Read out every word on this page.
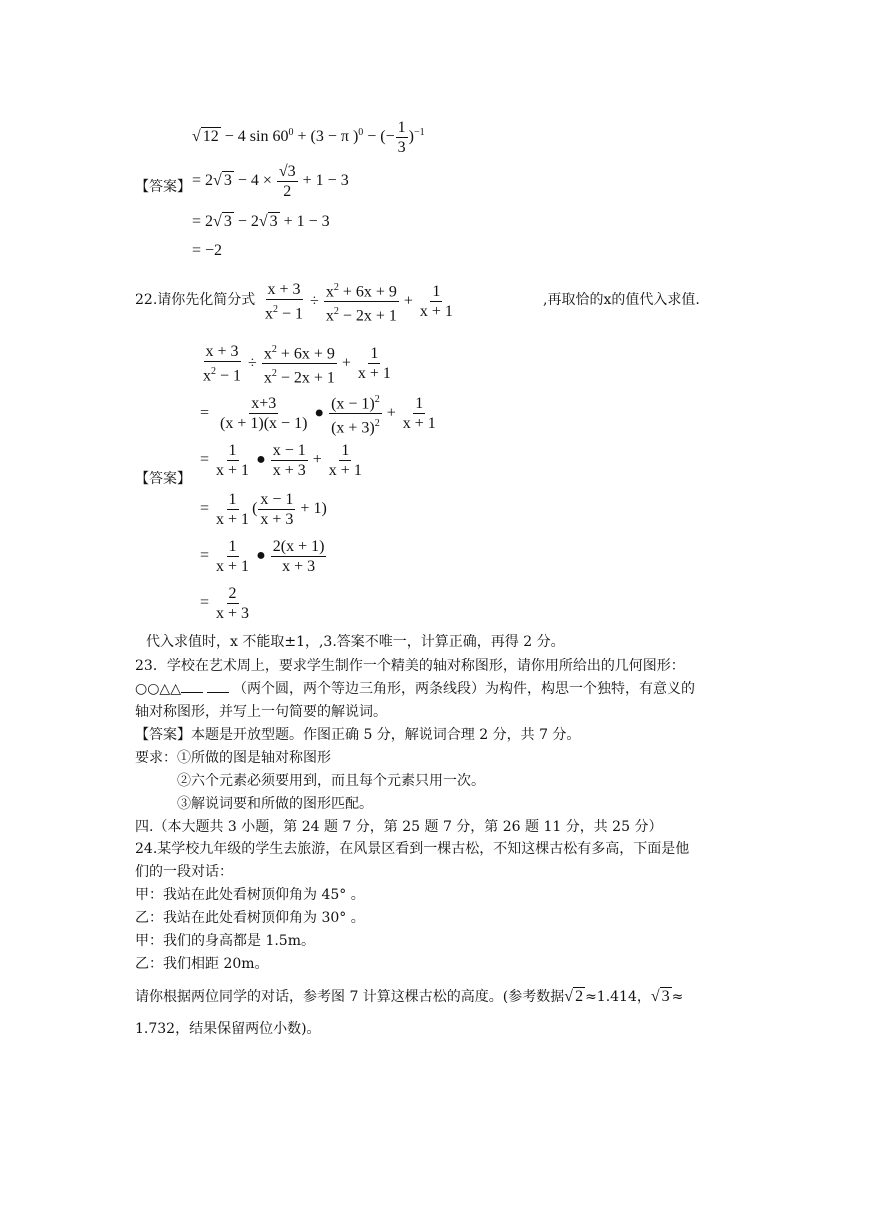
√ 12 − 4 $\sin 60^0 + (3 - \pi$ )$^0$ − (− $\frac{1}{3} )^{-1}$
【答案】 = 2√ $3 - 4 \times \frac{√3}{2} + 1 - 3$
= 2√ 3 − 2√ 3 + 1 − 3
= −2
22.请你先化简分式 $\frac{x + 3}{x^2 - 1} \div \frac{x^2 + 6x + 9}{x^2 - 2x + 1} + \frac{1}{x + 1}$	,再取恰的x的值代入求值.
$\frac{x + 3}{x^2 - 1} \div \frac{x^2 + 6x + 9}{x^2 - 2x + 1} + \frac{1}{x + 1}$
= $\frac{x+3}{(x + 1)(x - 1)}$ ● $\frac{(x - 1)^2}{(x + 3)^2} + \frac{1}{x + 1}$
= $\frac{1}{x + 1}$ ● $\frac{x - 1}{x + 3} + \frac{1}{x + 1}$
【答案】
= $\frac{1}{x + 1}$ ( $\frac{x - 1}{x + 3} + 1$)
= $\frac{1}{x + 1}$ ● $\frac{2(x + 1)}{x + 3}$
= $\frac{2}{x + 3}$
代入求值时，x 不能取±1，,3.答案不唯一，计算正确，再得 2 分。
23．学校在艺术周上，要求学生制作一个精美的轴对称图形，请你用所给出的几何图形：
○○△△	（两个圆，两个等边三角形，两条线段）为构件，构思一个独特，有意义的
轴对称图形，并写上一句简要的解说词。
【答案】本题是开放型题。作图正确 5 分，解说词合理 2 分，共 7 分。
要求：①所做的图是轴对称图形
②六个元素必须要用到，而且每个元素只用一次。
③解说词要和所做的图形匹配。
四.（本大题共 3 小题，第 24 题 7 分，第 25 题 7 分，第 26 题 11 分，共 25 分）
24.某学校九年级的学生去旅游，在风景区看到一棵古松，不知这棵古松有多高，下面是他
们的一段对话：
甲：我站在此处看树顶仰角为 45° 。
乙：我站在此处看树顶仰角为 30° 。
甲：我们的身高都是 1.5m。
乙：我们相距 20m。
请你根据两位同学的对话，参考图 7 计算这棵古松的高度。(参考数据√ 2 ≈1.414，√ 3 ≈
1.732，结果保留两位小数)。
